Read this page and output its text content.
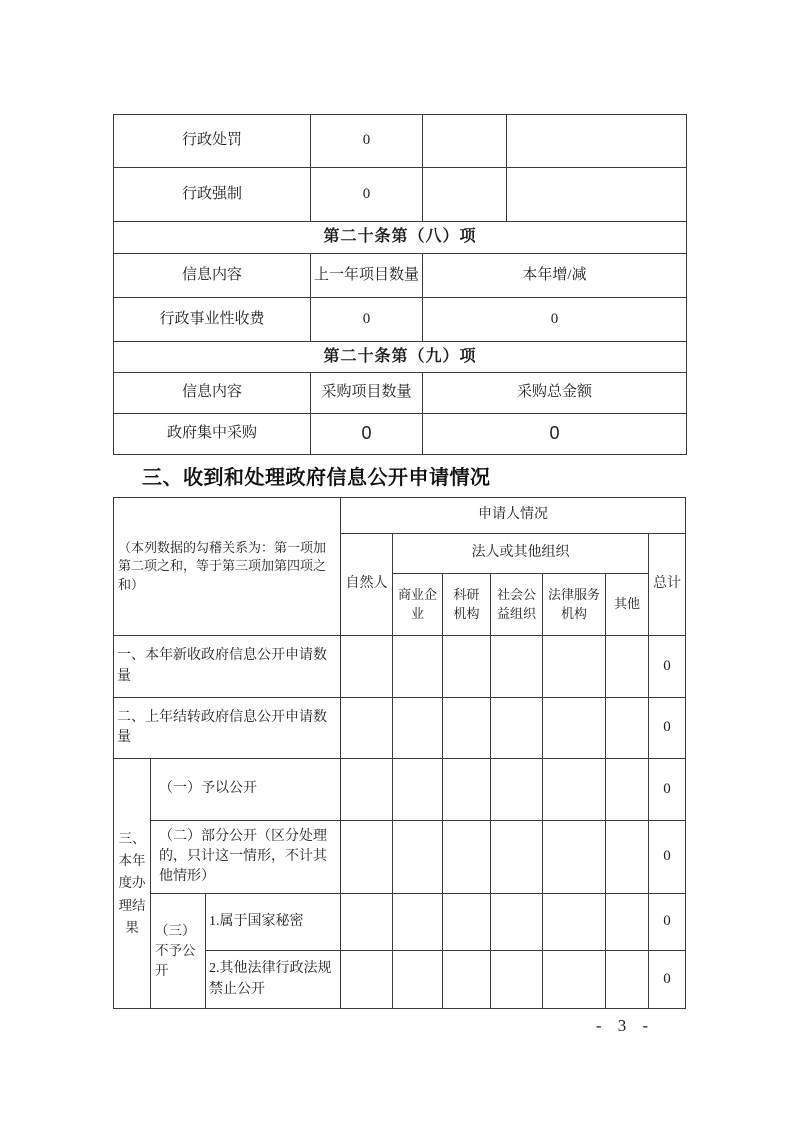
行政处罚	0		
行政强制	0		
第二十条第（八）项			
信息内容	上一年项目数量	本年增/减	
行政事业性收费	0	0	
第二十条第（九）项			
信息内容	采购项目数量	采购总金额	
政府集中采购	0	0	
三、收到和处理政府信息公开申请情况
（本列数据的勾稽关系为：第一项加第二项之和，等于第三项加第四项之和）			申请人情况						
			自然人	法人或其他组织					总计
				商业企业	科研机构	社会公益组织	法律服务机构	其他	
一、本年新收政府信息公开申请数量									0
二、上年结转政府信息公开申请数量									0
三、本年度办理结果	（一）予以公开								0
	（二）部分公开（区分处理的，只计这一情形，不计其他情形）								0
	（三）不予公开	1.属于国家秘密							0
		2.其他法律行政法规禁止公开							0
- 3 -
